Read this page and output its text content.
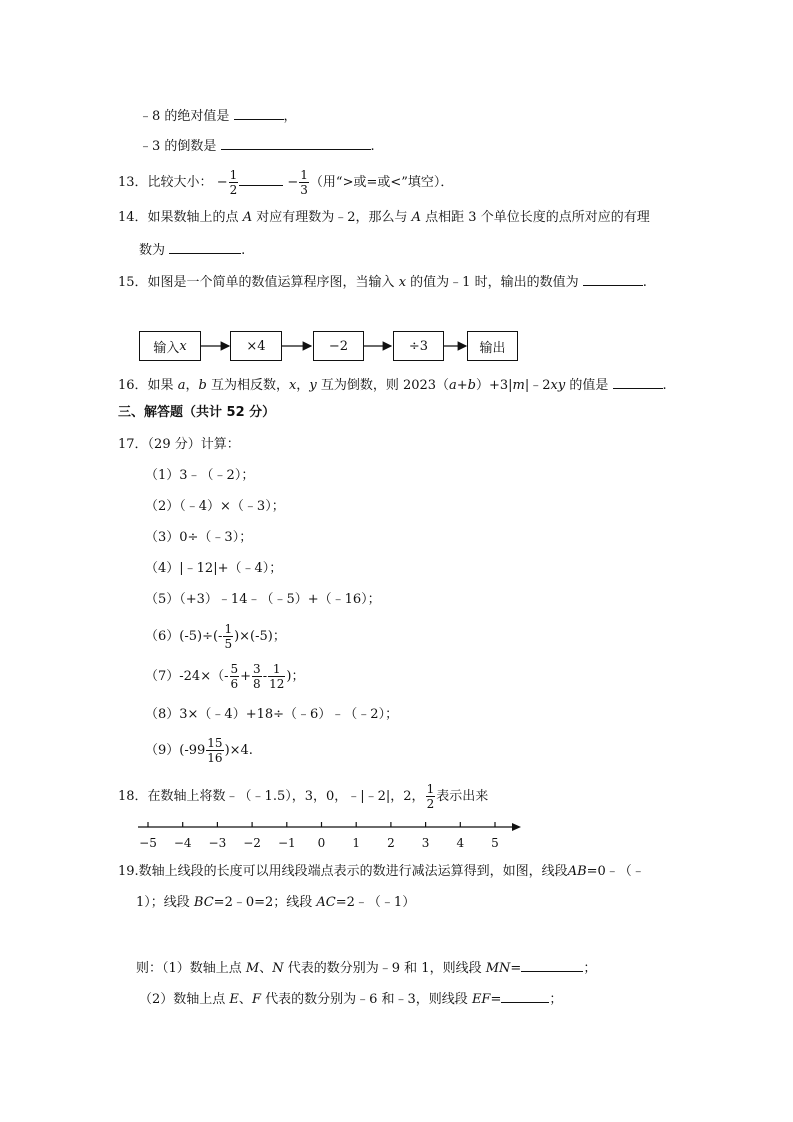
﹣8 的绝对值是	，
﹣3 的倒数是	.
13．比较大小： − $\frac{1}{2}$	− $\frac{1}{3}$ （用“>或=或<”填空）．
14．如果数轴上的点 A 对应有理数为﹣2，那么与 A 点相距 3 个单位长度的点所对应的有理
数为	.
15．如图是一个简单的数值运算程序图，当输入 x 的值为﹣1 时，输出的数值为	.
输入 x	×4	−2	÷3	输出
16．如果 a，b 互为相反数，x，y 互为倒数，则 2023（a+b）+3|m|﹣2xy 的值是	.
三、解答题（共计 52 分）
17．（29 分）计算：
（1）3﹣（﹣2）；
（2）（﹣4）×（﹣3）；
（3）0÷（﹣3）；
（4）|﹣12|+（﹣4）；
（5）（+3）﹣14﹣（﹣5）+（﹣16）；
$(6)(-5)\div(- \frac{1}{5} )\times(-5)$；
$(7)-24\times(- \frac{5}{6} + \frac{3}{8} - \frac{1}{12}$ )；
（8）3×（﹣4）+18÷（﹣6）﹣（﹣2）；
$(9)(-99 \frac{15}{16} )\times 4$.
18．在数轴上将数﹣（﹣1.5），3，0，﹣|﹣2|，2， $\frac{1}{2}$ 表示出来
−5 −4 −3 −2 −1 0 1 2 3 4 5
19.数轴上线段的长度可以用线段端点表示的数进行减法运算得到，如图，线段AB=0﹣（﹣
1）；线段 BC=2﹣0=2；线段 AC=2﹣（﹣1）
则：（1）数轴上点 M、N 代表的数分别为﹣9 和 1，则线段 MN=	；
（2）数轴上点 E、F 代表的数分别为﹣6 和﹣3，则线段 EF=	；
